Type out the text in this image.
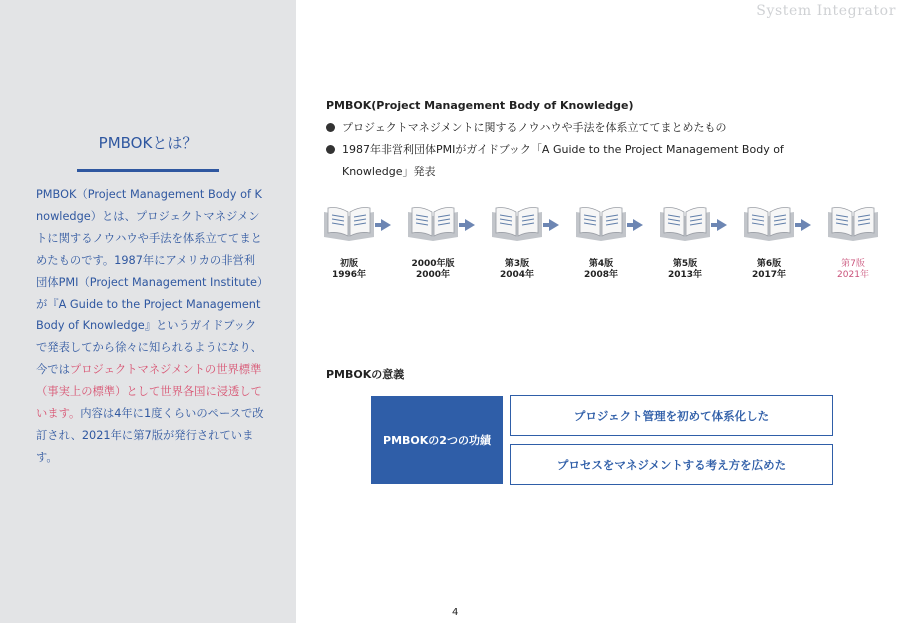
PMBOKとは？

PMBOK（Project Management Body of Knowledge）とは、プロジェクトマネジメントに関するノウハウや手法を体系立ててまとめたものです。1987年にアメリカの非営利団体PMI（Project Management Institute）が『A Guide to the Project Management Body of Knowledge』というガイドブックで発表してから徐々に知られるようになり、今ではプロジェクトマネジメントの世界標準（事実上の標準）として世界各国に浸透しています。内容は4年に1度くらいのペースで改訂され、2021年に第7版が発行されています。

System Integrator
PMBOK(Project Management Body of Knowledge)
プロジェクトマネジメントに関するノウハウや手法を体系立ててまとめたもの
1987年非営利団体PMIがガイドブック「A Guide to the Project Management Body of Knowledge」発表
初版
1996年
2000年版
2000年
第3版
2004年
第4版
2008年
第5版
2013年
第6版
2017年
第7版
2021年
PMBOKの意義
PMBOKの2つの功績
プロジェクト管理を初めて体系化した
プロセスをマネジメントする考え方を広めた
4
